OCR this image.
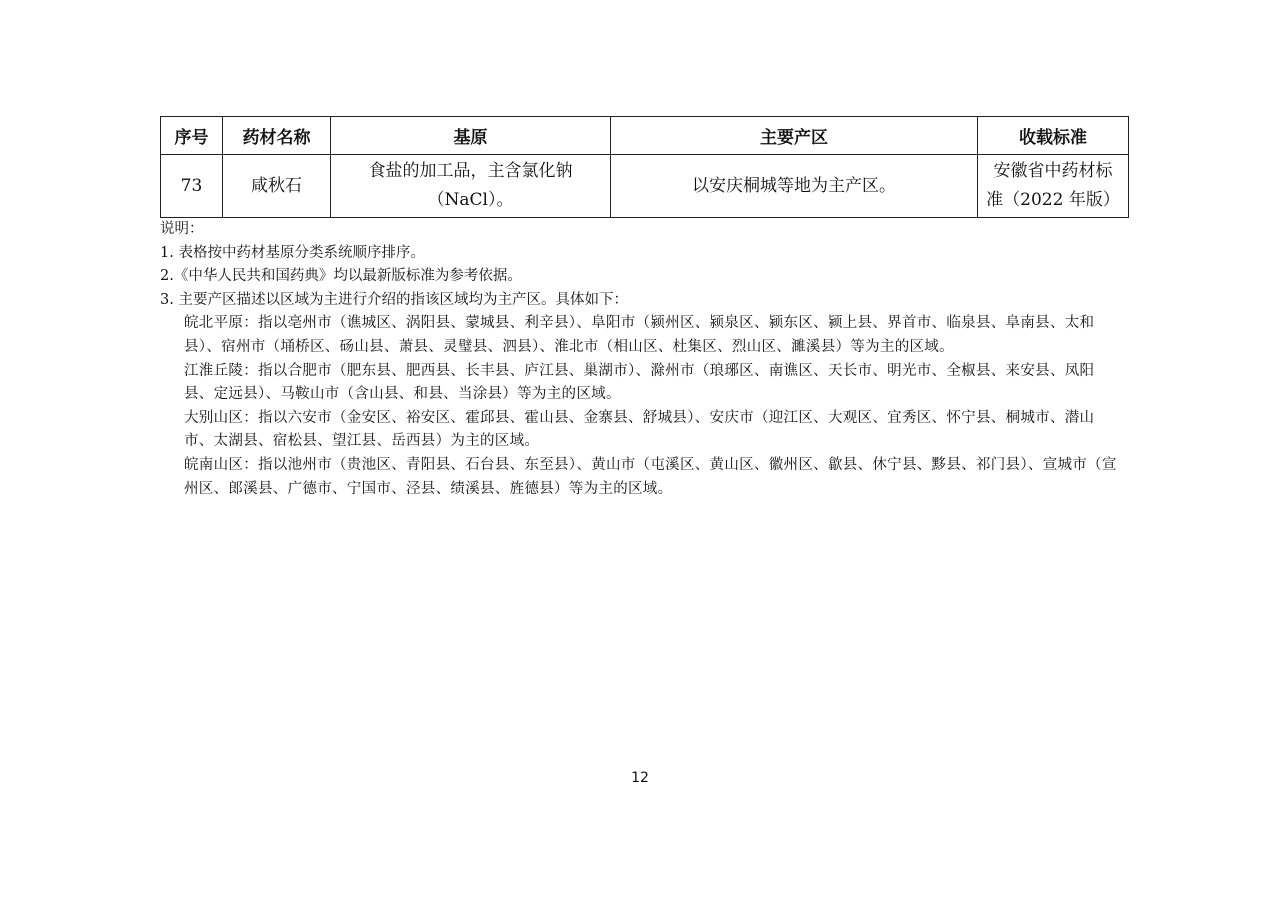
序号	药材名称	基原	主要产区	收载标准
73	咸秋石	食盐的加工品，主含氯化钠（NaCl）。	以安庆桐城等地为主产区。	安徽省中药材标准（2022 年版）

说明：

1. 表格按中药材基原分类系统顺序排序。

2.《中华人民共和国药典》均以最新版标准为参考依据。

3. 主要产区描述以区域为主进行介绍的指该区域均为主产区。具体如下：

皖北平原：指以亳州市（谯城区、涡阳县、蒙城县、利辛县）、阜阳市（颍州区、颍泉区、颍东区、颍上县、界首市、临泉县、阜南县、太和县）、宿州市（埇桥区、砀山县、萧县、灵璧县、泗县）、淮北市（相山区、杜集区、烈山区、濉溪县）等为主的区域。

江淮丘陵：指以合肥市（肥东县、肥西县、长丰县、庐江县、巢湖市）、滁州市（琅琊区、南谯区、天长市、明光市、全椒县、来安县、凤阳县、定远县）、马鞍山市（含山县、和县、当涂县）等为主的区域。

大别山区：指以六安市（金安区、裕安区、霍邱县、霍山县、金寨县、舒城县）、安庆市（迎江区、大观区、宜秀区、怀宁县、桐城市、潜山市、太湖县、宿松县、望江县、岳西县）为主的区域。

皖南山区：指以池州市（贵池区、青阳县、石台县、东至县）、黄山市（屯溪区、黄山区、徽州区、歙县、休宁县、黟县、祁门县）、宣城市（宣州区、郎溪县、广德市、宁国市、泾县、绩溪县、旌德县）等为主的区域。

12
